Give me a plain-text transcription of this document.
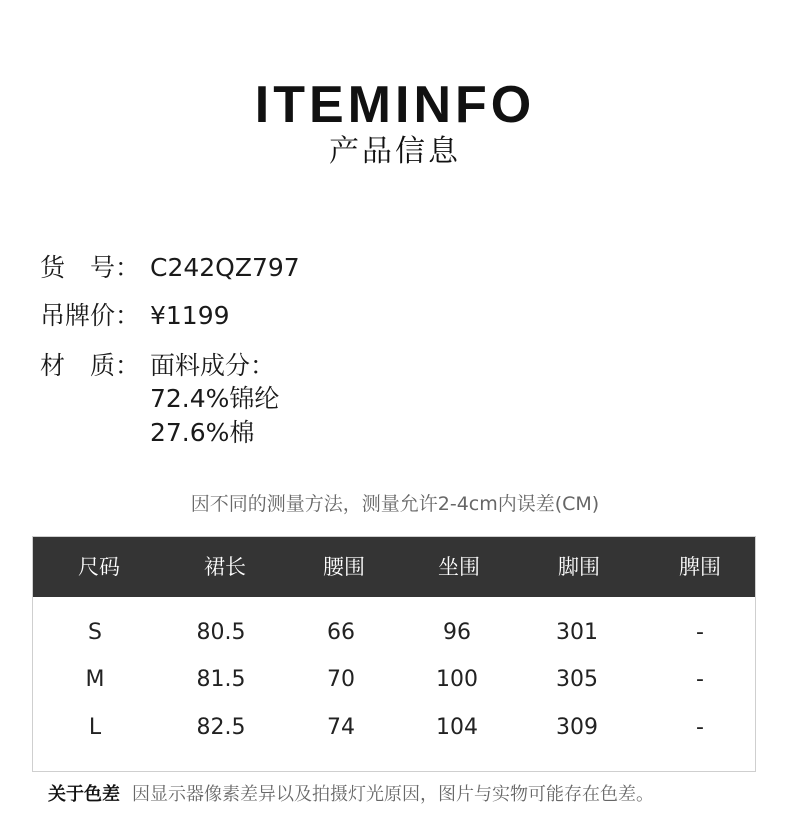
ITEMINFO
产品信息
货　号： C242QZ797
吊牌价： ¥1199
材　质： 面料成分：
72.4%锦纶
27.6%棉
因不同的测量方法，测量允许2-4cm内误差(CM)
尺码	裙长	腰围	坐围	脚围	脾围
S	80.5	66	96	301	-
M	81.5	70	100	305	-
L	82.5	74	104	309	-
关于色差 因显示器像素差异以及拍摄灯光原因，图片与实物可能存在色差。
